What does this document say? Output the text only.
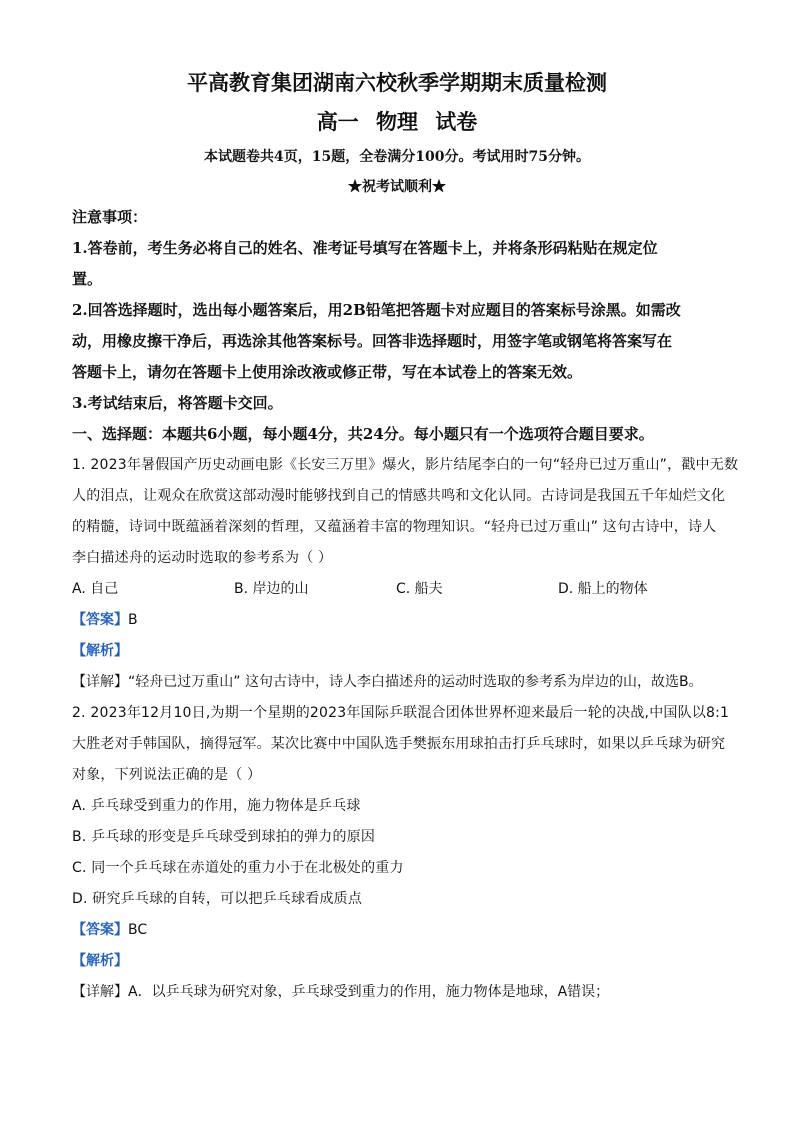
平高教育集团湖南六校秋季学期期末质量检测
高一 物理 试卷
本试题卷共4页，15题，全卷满分100分。考试用时75分钟。
★祝考试顺利★
注意事项：
1.答卷前，考生务必将自己的姓名、准考证号填写在答题卡上，并将条形码粘贴在规定位
置。
2.回答选择题时，选出每小题答案后，用2B铅笔把答题卡对应题目的答案标号涂黑。如需改
动，用橡皮擦干净后，再选涂其他答案标号。回答非选择题时，用签字笔或钢笔将答案写在
答题卡上，请勿在答题卡上使用涂改液或修正带，写在本试卷上的答案无效。
3.考试结束后，将答题卡交回。
一、选择题：本题共6小题，每小题4分，共24分。每小题只有一个选项符合题目要求。
1. 2023年暑假国产历史动画电影《长安三万里》爆火，影片结尾李白的一句“轻舟已过万重山”，戳中无数
人的泪点，让观众在欣赏这部动漫时能够找到自己的情感共鸣和文化认同。古诗词是我国五千年灿烂文化
的精髓，诗词中既蕴涵着深刻的哲理，又蕴涵着丰富的物理知识。“轻舟已过万重山” 这句古诗中，诗人
李白描述舟的运动时选取的参考系为（ ）
A. 自己	B. 岸边的山	C. 船夫	D. 船上的物体
【答案】B
【解析】
【详解】“轻舟已过万重山” 这句古诗中，诗人李白描述舟的运动时选取的参考系为岸边的山，故选B。
2. 2023年12月10日,为期一个星期的2023年国际乒联混合团体世界杯迎来最后一轮的决战,中国队以8:1
大胜老对手韩国队，摘得冠军。某次比赛中中国队选手樊振东用球拍击打乒乓球时，如果以乒乓球为研究
对象，下列说法正确的是（ ）
A. 乒乓球受到重力的作用，施力物体是乒乓球
B. 乒乓球的形变是乒乓球受到球拍的弹力的原因
C. 同一个乒乓球在赤道处的重力小于在北极处的重力
D. 研究乒乓球的自转，可以把乒乓球看成质点
【答案】BC
【解析】
【详解】A．以乒乓球为研究对象，乒乓球受到重力的作用，施力物体是地球，A错误；
